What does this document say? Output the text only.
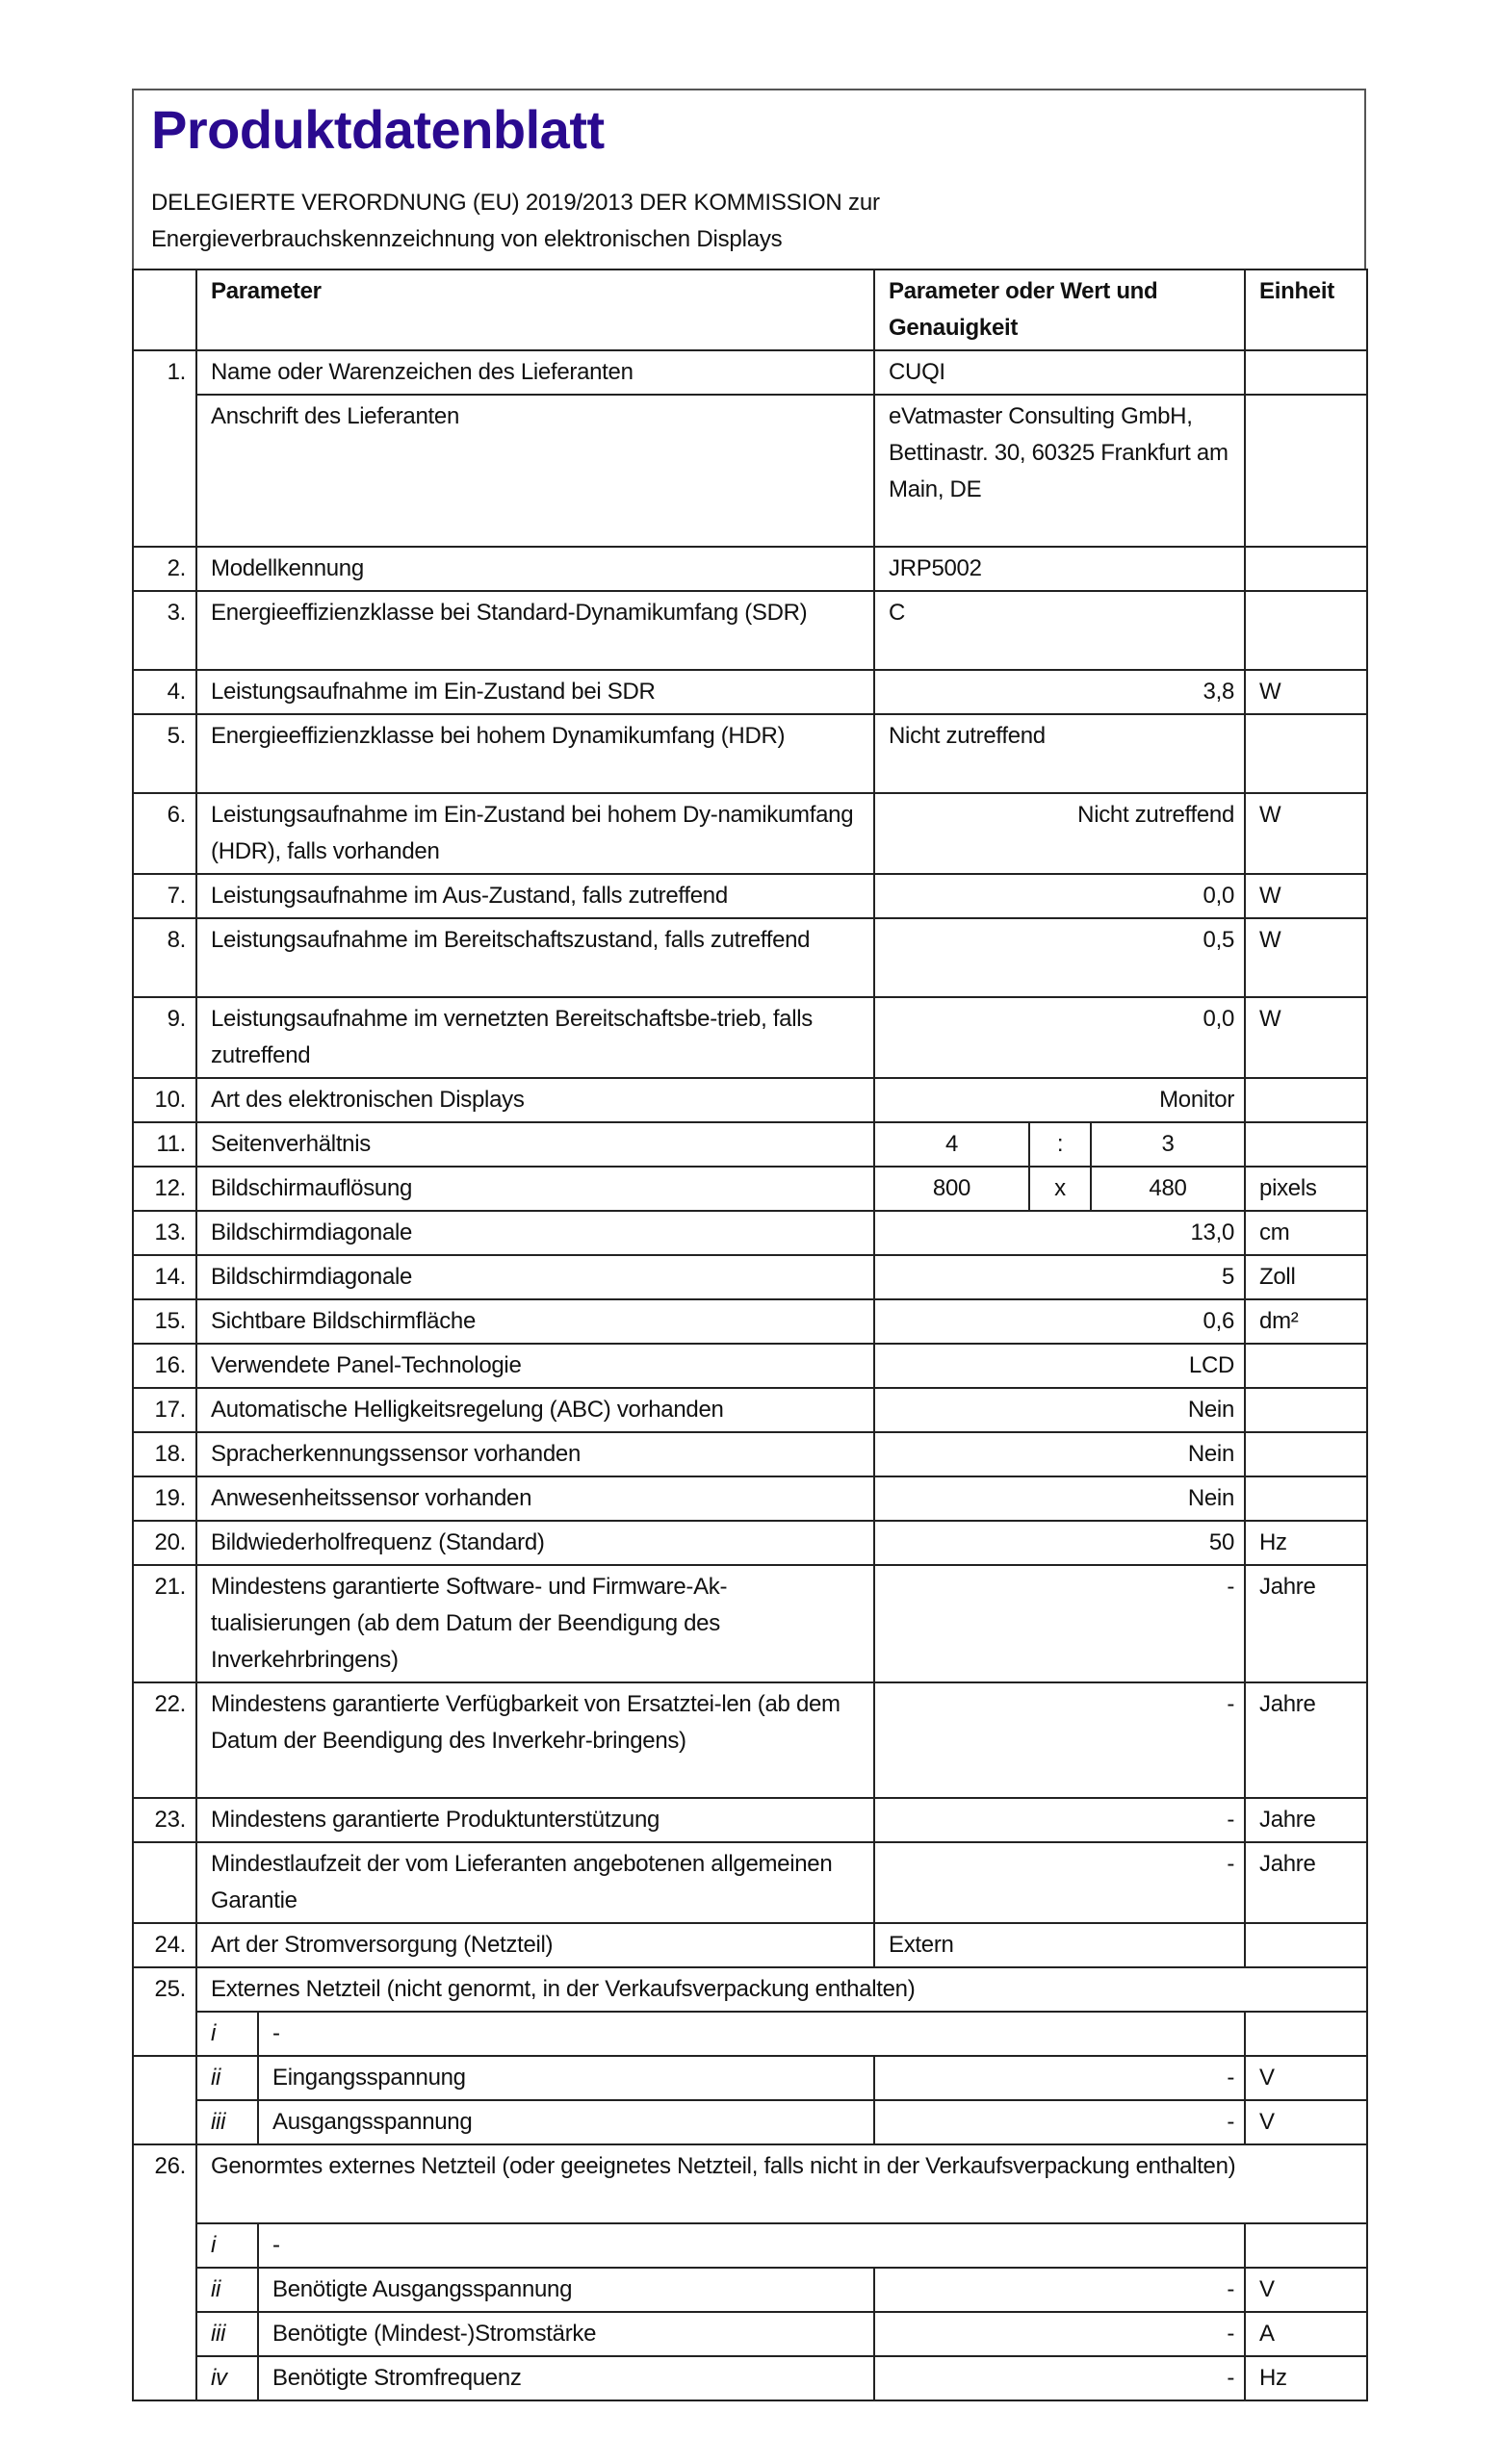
Produktdatenblatt
DELEGIERTE VERORDNUNG (EU) 2019/2013 DER KOMMISSION zur
Energieverbrauchskennzeichnung von elektronischen Displays
	Parameter		Parameter oder Wert und Genauigkeit			Einheit
1.	Name oder Warenzeichen des Lieferanten		CUQI			
	Anschrift des Lieferanten		eVatmaster Consulting GmbH, Bettinastr. 30, 60325 Frankfurt am Main, DE			
2.	Modellkennung		JRP5002			
3.	Energieeffizienzklasse bei Standard-Dynamikumfang (SDR)		C			
4.	Leistungsaufnahme im Ein-Zustand bei SDR		3,8			W
5.	Energieeffizienzklasse bei hohem Dynamikumfang (HDR)		Nicht zutreffend			
6.	Leistungsaufnahme im Ein-Zustand bei hohem Dy-namikumfang (HDR), falls vorhanden		Nicht zutreffend			W
7.	Leistungsaufnahme im Aus-Zustand, falls zutreffend		0,0			W
8.	Leistungsaufnahme im Bereitschaftszustand, falls zutreffend		0,5			W
9.	Leistungsaufnahme im vernetzten Bereitschaftsbe-trieb, falls zutreffend		0,0			W
10.	Art des elektronischen Displays		Monitor			
11.	Seitenverhältnis		4	:	3	
12.	Bildschirmauflösung		800	x	480	pixels
13.	Bildschirmdiagonale		13,0			cm
14.	Bildschirmdiagonale		5			Zoll
15.	Sichtbare Bildschirmfläche		0,6			dm²
16.	Verwendete Panel-Technologie		LCD			
17.	Automatische Helligkeitsregelung (ABC) vorhanden		Nein			
18.	Spracherkennungssensor vorhanden		Nein			
19.	Anwesenheitssensor vorhanden		Nein			
20.	Bildwiederholfrequenz (Standard)		50			Hz
21.	Mindestens garantierte Software- und Firmware-Ak-tualisierungen (ab dem Datum der Beendigung des Inverkehrbringens)		-			Jahre
22.	Mindestens garantierte Verfügbarkeit von Ersatztei-len (ab dem Datum der Beendigung des Inverkehr-bringens)		-			Jahre
23.	Mindestens garantierte Produktunterstützung		-			Jahre
	Mindestlaufzeit der vom Lieferanten angebotenen allgemeinen Garantie		-			Jahre
24.	Art der Stromversorgung (Netzteil)		Extern			
25.	Externes Netzteil (nicht genormt, in der Verkaufsverpackung enthalten)					
	i	-				
	ii	Eingangsspannung	-			V
	iii	Ausgangsspannung	-			V
26.	Genormtes externes Netzteil (oder geeignetes Netzteil, falls nicht in der Verkaufsverpackung enthalten)					
	i	-				
	ii	Benötigte Ausgangsspannung	-			V
	iii	Benötigte (Mindest-)Stromstärke	-			A
	iv	Benötigte Stromfrequenz	-			Hz
